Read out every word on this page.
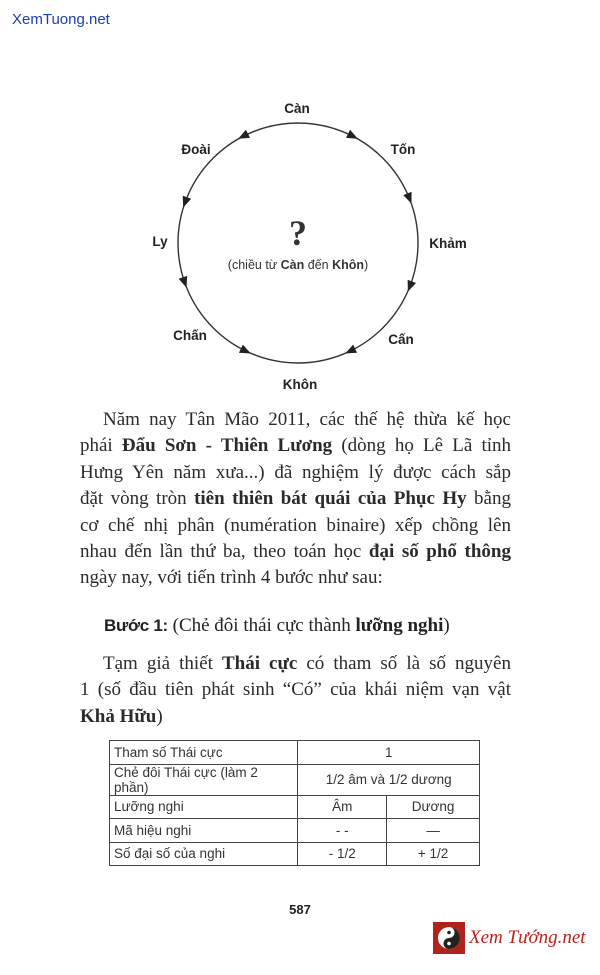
XemTuong.net
Càn
Tốn
Khảm
Cấn
Khôn
Chấn
Ly
Đoài
?
(chiều từ Càn đến Khôn)
Năm nay Tân Mão 2011, các thế hệ thừa kế học
phái Đẩu Sơn - Thiên Lương (dòng họ Lê Lã tỉnh
Hưng Yên năm xưa...) đã nghiệm lý được cách sắp
đặt vòng tròn tiên thiên bát quái của Phục Hy bằng
cơ chế nhị phân (numération binaire) xếp chồng lên
nhau đến lần thứ ba, theo toán học đại số phổ thông
ngày nay, với tiến trình 4 bước như sau:
Bước 1: (Chẻ đôi thái cực thành lưỡng nghi)
Tạm giả thiết Thái cực có tham số là số nguyên
1 (số đầu tiên phát sinh “Có” của khái niệm vạn vật
Khả Hữu)
Tham số Thái cực	1	
Chẻ đôi Thái cực (làm 2 phần)	1/2 âm và 1/2 dương	
Lưỡng nghi	Âm	Dương
Mã hiệu nghi	- -	—
Số đại số của nghi	- 1/2	+ 1/2
587
Xem Tướng.net
